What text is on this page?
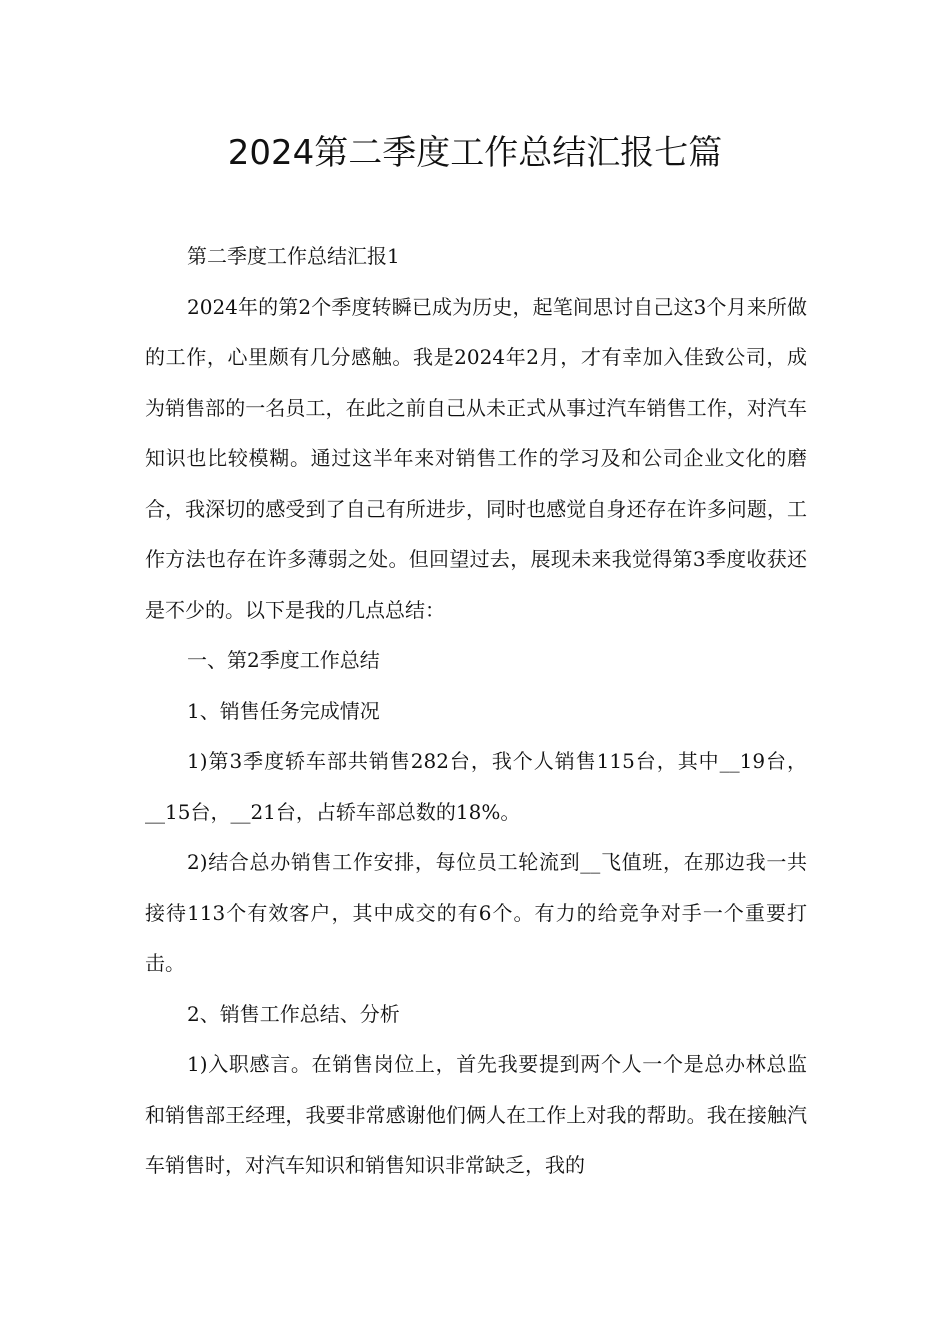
2024第二季度工作总结汇报七篇

第二季度工作总结汇报1

2024年的第2个季度转瞬已成为历史，起笔间思讨自己这3个月来所做的工作，心里颇有几分感触。我是2024年2月，才有幸加入佳致公司，成为销售部的一名员工，在此之前自己从未正式从事过汽车销售工作，对汽车知识也比较模糊。通过这半年来对销售工作的学习及和公司企业文化的磨合，我深切的感受到了自己有所进步，同时也感觉自身还存在许多问题，工作方法也存在许多薄弱之处。但回望过去，展现未来我觉得第3季度收获还是不少的。以下是我的几点总结：

一、第2季度工作总结

1、销售任务完成情况

1)第3季度轿车部共销售282台，我个人销售115台，其中__19台，__15台，__21台，占轿车部总数的18%。

2)结合总办销售工作安排，每位员工轮流到__飞值班，在那边我一共接待113个有效客户，其中成交的有6个。有力的给竞争对手一个重要打击。

2、销售工作总结、分析

1)入职感言。在销售岗位上，首先我要提到两个人一个是总办林总监和销售部王经理，我要非常感谢他们俩人在工作上对我的帮助。我在接触汽车销售时，对汽车知识和销售知识非常缺乏，我的
